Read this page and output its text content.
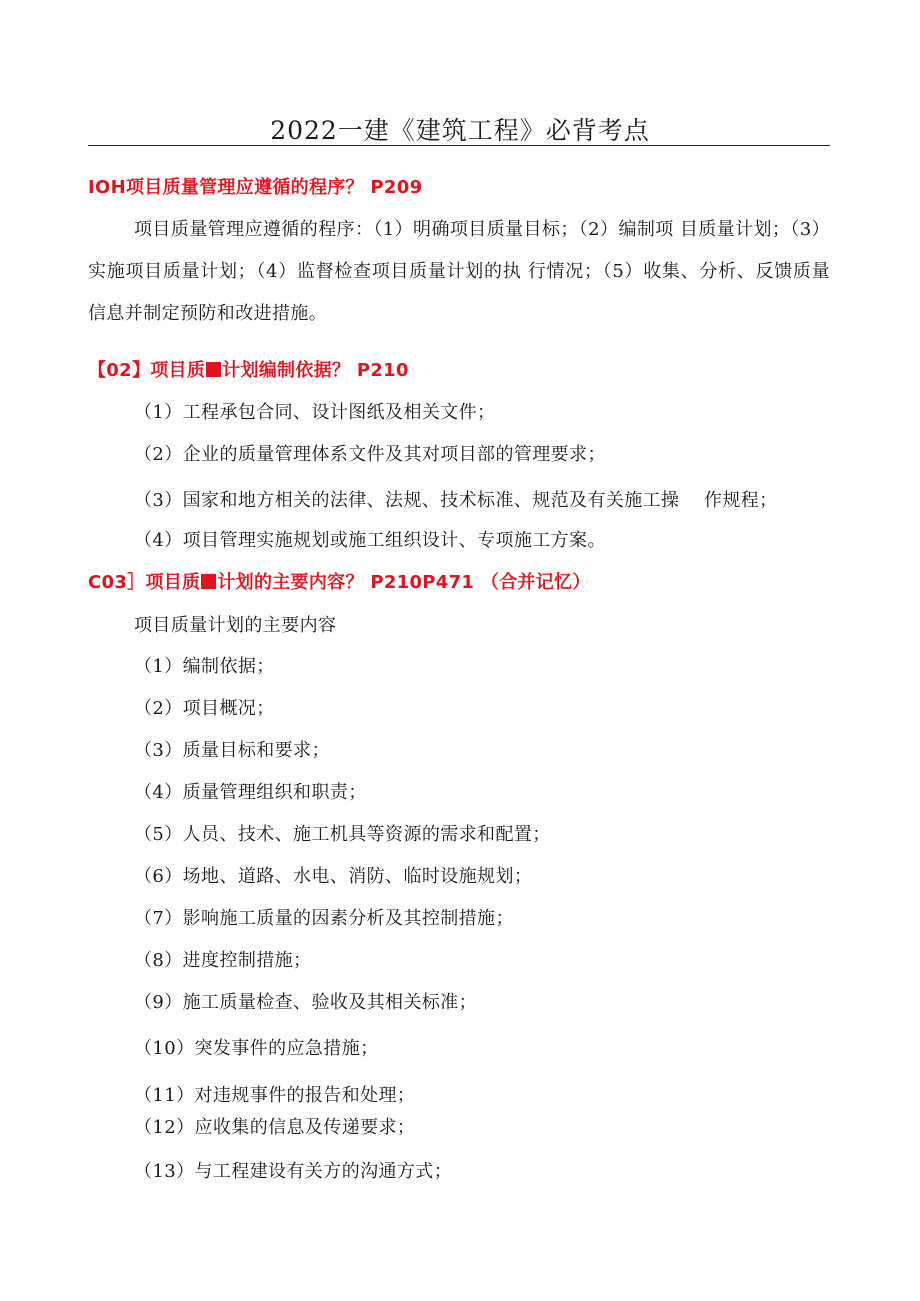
2022一建《建筑工程》必背考点
IOH项目质量管理应遵循的程序？ P209
项目质量管理应遵循的程序：（1）明确项目质量目标；（2）编制项 目质量计划；（3）实施项目质量计划；（4）监督检查项目质量计划的执 行情况；（5）收集、分析、反馈质量信息并制定预防和改进措施。
【02】项目质 计划编制依据？ P210
（1）工程承包合同、设计图纸及相关文件；
（2）企业的质量管理体系文件及其对项目部的管理要求；
（3）国家和地方相关的法律、法规、技术标准、规范及有关施工操    作规程；
（4）项目管理实施规划或施工组织设计、专项施工方案。
C03］项目质 计划的主要内容？ P210P471 （合并记忆）
项目质量计划的主要内容
（1）编制依据；
（2）项目概况；
（3）质量目标和要求；
（4）质量管理组织和职责；
（5）人员、技术、施工机具等资源的需求和配置；
（6）场地、道路、水电、消防、临时设施规划；
（7）影响施工质量的因素分析及其控制措施；
（8）进度控制措施；
（9）施工质量检查、验收及其相关标准；
（10）突发事件的应急措施；
（11）对违规事件的报告和处理；
（12）应收集的信息及传递要求；
（13）与工程建设有关方的沟通方式；
